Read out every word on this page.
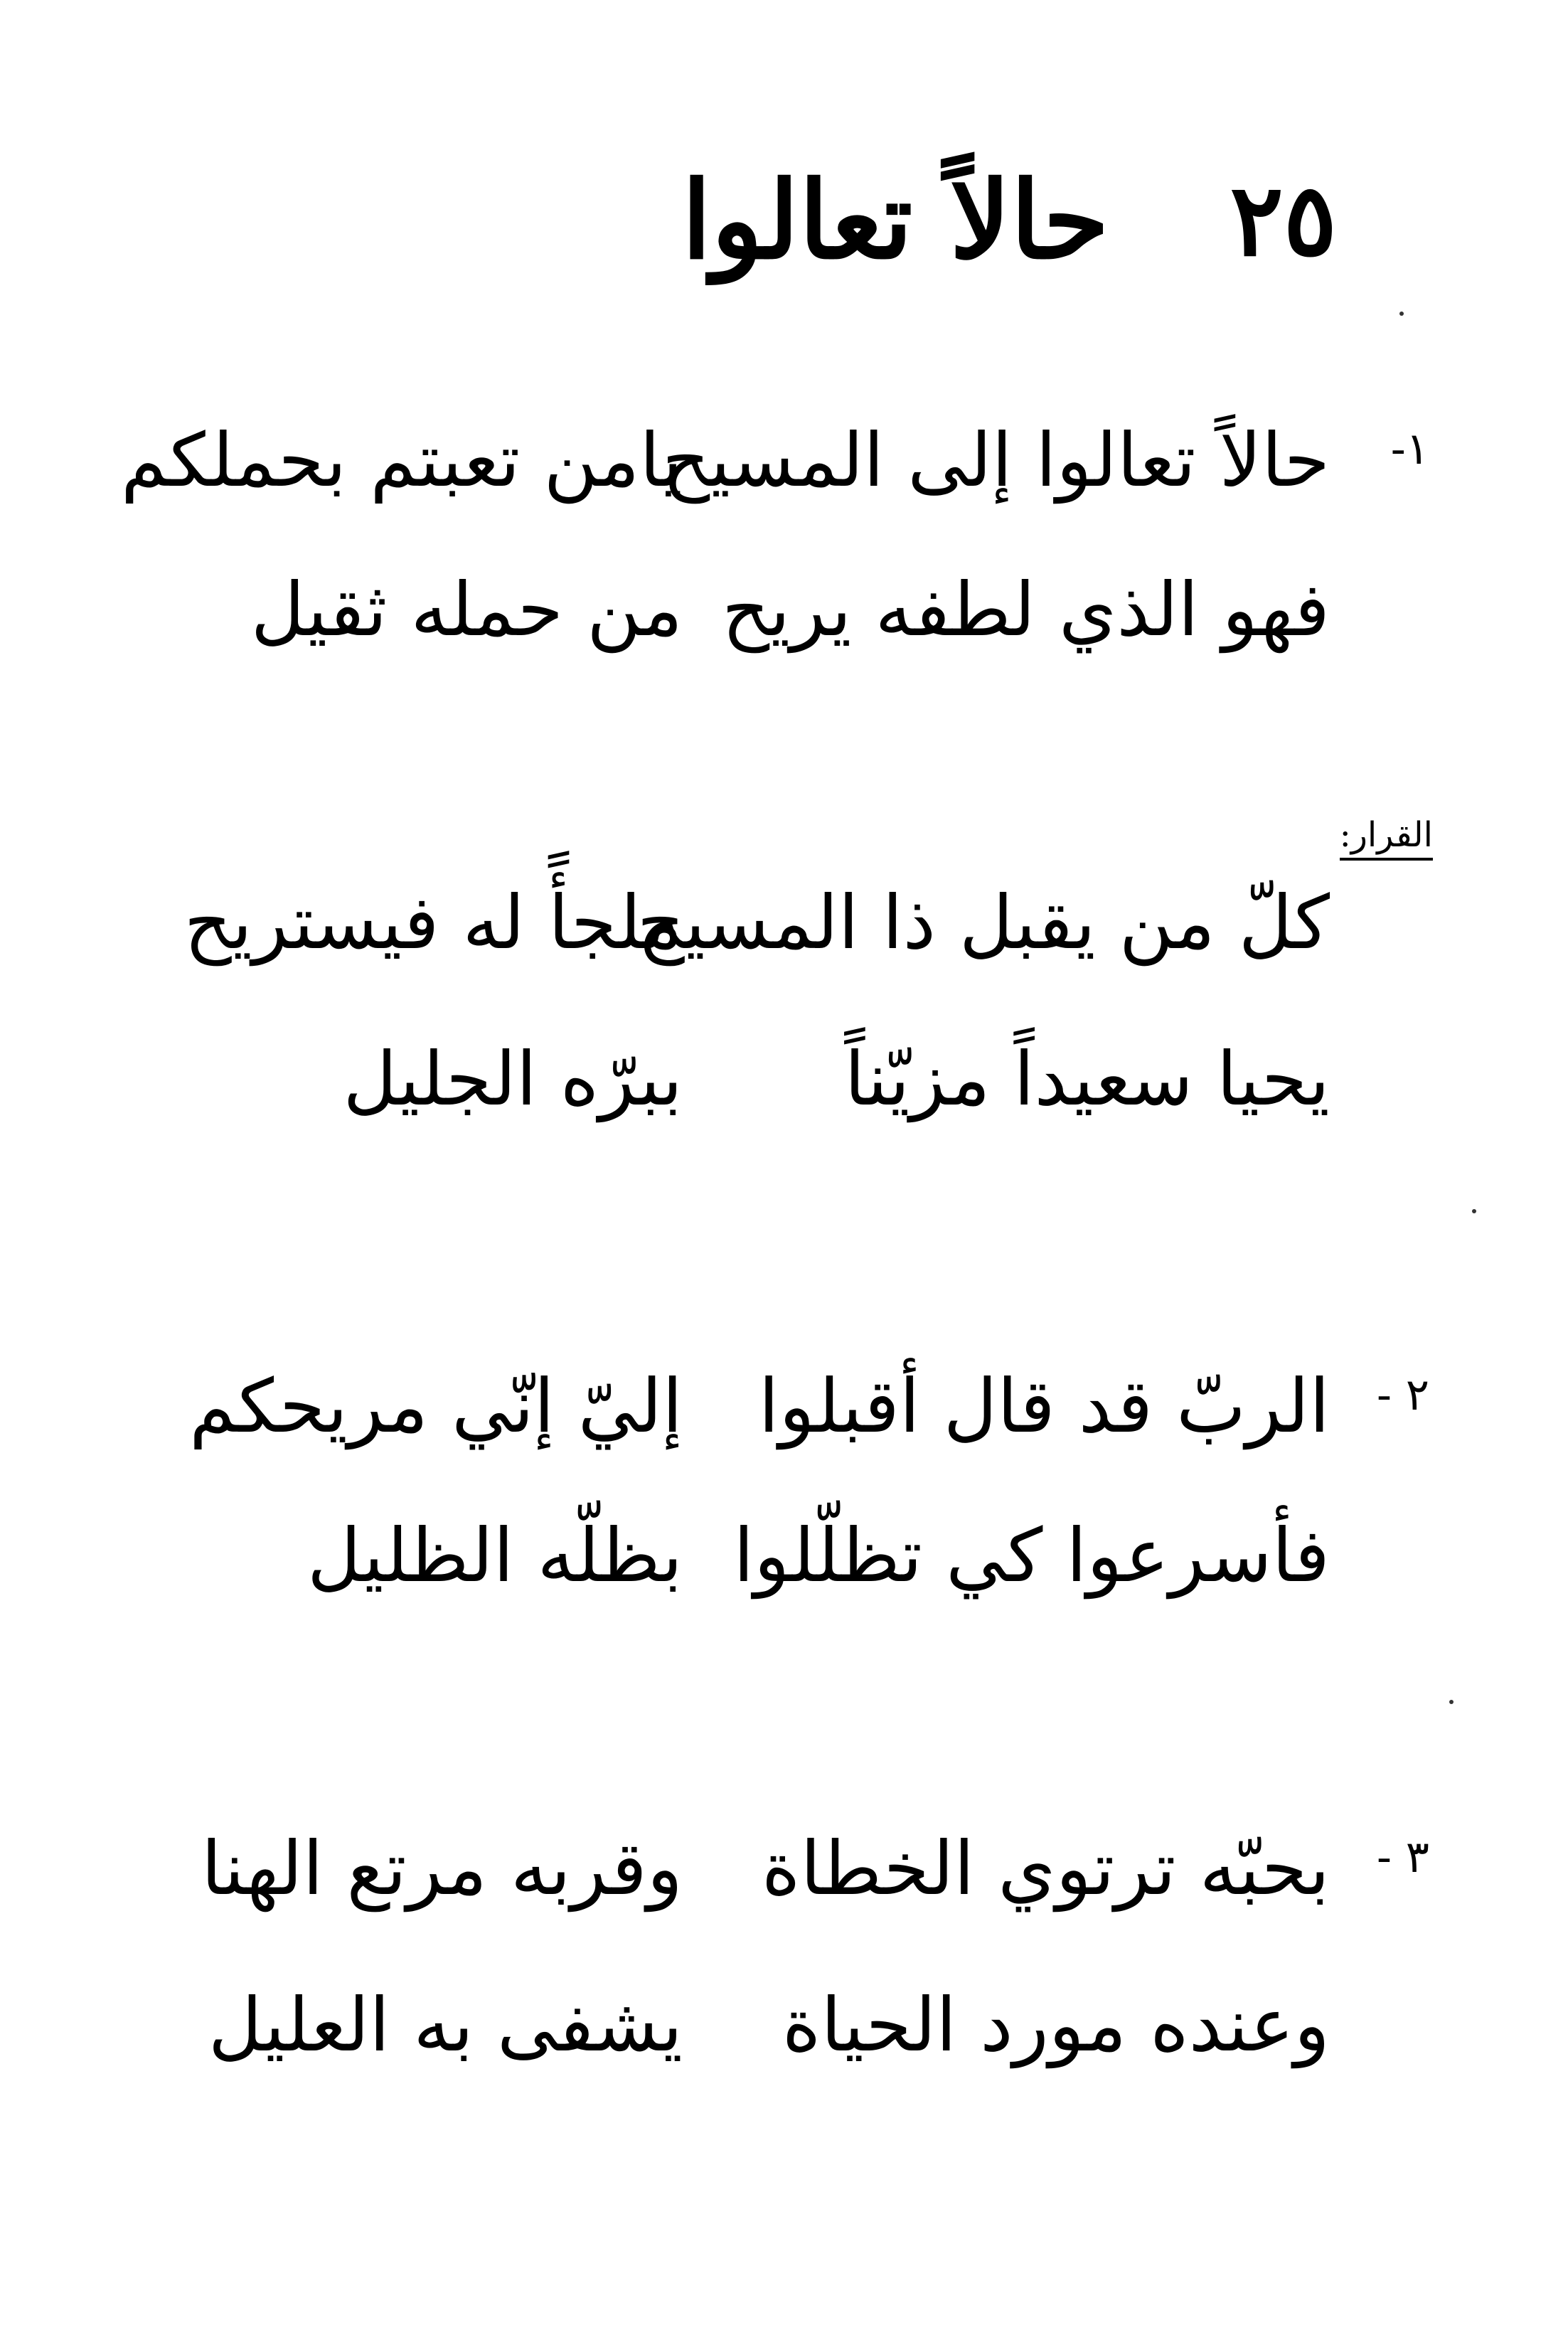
٢٥
حالاً تعالوا
١-
حالاً تعالوا إلى المسيح
يامن تعبتم بحملكم
فهو الذي لطفه يريح
من حمله ثقيل
القرار:
كلّ من يقبل ذا المسيح
ملجأً له فيستريح
يحيا سعيداً مزيّناً
ببرّه الجليل
٢ -
الربّ قد قال أقبلوا
إليّ إنّي مريحكم
فأسرعوا كي تظلّلوا
بظلّه الظليل
٣ -
بحبّه ترتوي الخطاة
وقربه مرتع الهنا
وعنده مورد الحياة
يشفى به العليل
